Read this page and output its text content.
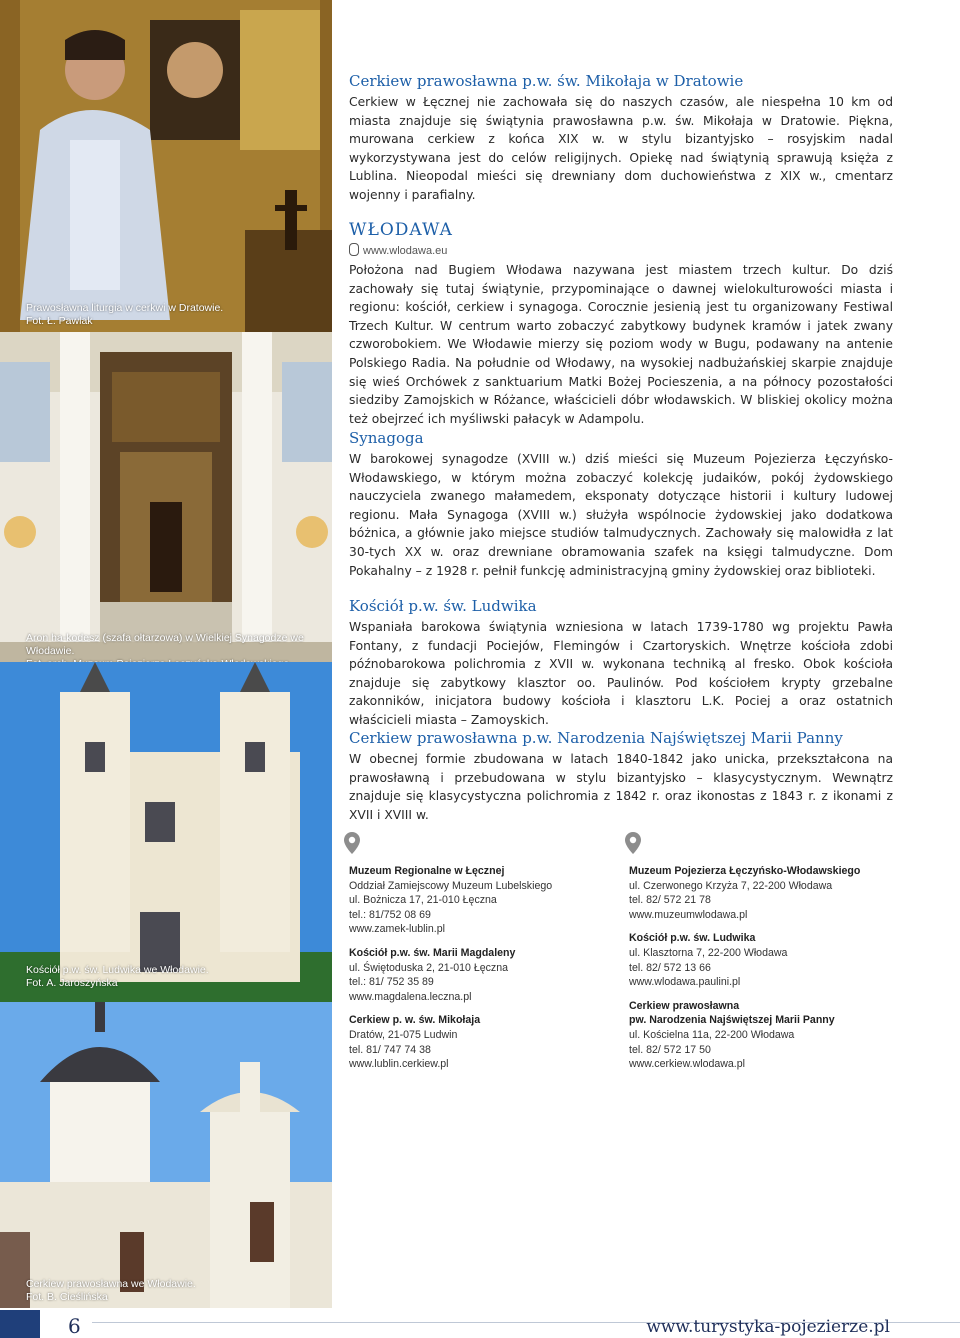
Prawosławna liturgia w cerkwi w Dratowie.
Fot. Ł. Pawlak
Aron ha-kodesz (szafa ołtarzowa) w Wielkiej Synagodze we Włodawie.
Kościół p.w. św. Ludwika we Włodawie.
Fot. A. Jaroszyńska
Cerkiew prawosławna we Włodawie.
Fot. B. Cieślińska
Cerkiew prawosławna p.w. św. Mikołaja w Dratowie
Cerkiew w Łęcznej nie zachowała się do naszych czasów, ale niespełna 10 km od miasta znajduje się świątynia prawosławna p.w. św. Mikołaja w Dratowie. Piękna, murowana cerkiew z końca XIX w. w stylu bizantyjsko – rosyjskim nadal wykorzystywana jest do celów religijnych. Opiekę nad świątynią sprawują księża z Lublina. Nieopodal mieści się drewniany dom duchowieństwa z XIX w., cmentarz wojenny i parafialny.
WŁODAWA
www.wlodawa.eu
Położona nad Bugiem Włodawa nazywana jest miastem trzech kultur. Do dziś zachowały się tutaj świątynie, przypominające o dawnej wielokulturowości miasta i regionu: kościół, cerkiew i synagoga. Corocznie jesienią jest tu organizowany Festiwal Trzech Kultur. W centrum warto zobaczyć zabytkowy budynek kramów i jatek zwany czworobokiem. We Włodawie mierzy się poziom wody w Bugu, podawany na antenie Polskiego Radia. Na południe od Włodawy, na wysokiej nadbużańskiej skarpie znajduje się wieś Orchówek z sanktuarium Matki Bożej Pocieszenia, a na północy pozostałości siedziby Zamojskich w Różance, właścicieli dóbr włodawskich. W bliskiej okolicy można też obejrzeć ich myśliwski pałacyk w Adampolu.
Synagoga
W barokowej synagodze (XVIII w.) dziś mieści się Muzeum Pojezierza Łęczyńsko-Włodawskiego, w którym można zobaczyć kolekcję judaików, pokój żydowskiego nauczyciela zwanego małamedem, eksponaty dotyczące historii i kultury ludowej regionu. Mała Synagoga (XVIII w.) służyła wspólnocie żydowskiej jako dodatkowa bóżnica, a głównie jako miejsce studiów talmudycznych. Zachowały się malowidła z lat 30-tych XX w. oraz drewniane obramowania szafek na księgi talmudyczne. Dom Pokahalny – z 1928 r. pełnił funkcję administracyjną gminy żydowskiej oraz biblioteki.
Kościół p.w. św. Ludwika
Wspaniała barokowa świątynia wzniesiona w latach 1739-1780 wg projektu Pawła Fontany, z fundacji Pociejów, Flemingów i Czartoryskich. Wnętrze kościoła zdobi późnobarokowa polichromia z XVII w. wykonana techniką al fresko. Obok kościoła znajduje się zabytkowy klasztor oo. Paulinów. Pod kościołem krypty grzebalne zakonników, inicjatora budowy kościoła i klasztoru L.K. Pociej a oraz ostatnich właścicieli miasta – Zamoyskich.
Cerkiew prawosławna p.w. Narodzenia Najświętszej Marii Panny
W obecnej formie zbudowana w latach 1840-1842 jako unicka, przekształcona na prawosławną i przebudowana w stylu bizantyjsko – klasycystycznym. Wewnątrz znajduje się klasycystyczna polichromia z 1842 r. oraz ikonostas z 1843 r. z ikonami z XVII i XVIII w.
Muzeum Regionalne w Łęcznej
Oddział Zamiejscowy Muzeum Lubelskiego
ul. Bożnicza 17, 21-010 Łęczna
tel.: 81/752 08 69
www.zamek-lublin.pl
Kościół p.w. św. Marii Magdaleny
ul. Świętoduska 2, 21-010 Łęczna
tel.: 81/ 752 35 89
www.magdalena.leczna.pl
Cerkiew p. w. św. Mikołaja
Dratów, 21-075 Ludwin
tel. 81/ 747 74 38
www.lublin.cerkiew.pl
Muzeum Pojezierza Łęczyńsko-Włodawskiego
ul. Czerwonego Krzyża 7, 22-200 Włodawa
tel. 82/ 572 21 78
www.muzeumwlodawa.pl
Kościół p.w. św. Ludwika
ul. Klasztorna 7, 22-200 Włodawa
tel. 82/ 572 13 66
www.wlodawa.paulini.pl
Cerkiew prawosławna
pw. Narodzenia Najświętszej Marii Panny
ul. Kościelna 11a, 22-200 Włodawa
tel. 82/ 572 17 50
www.cerkiew.wlodawa.pl
6	www.turystyka-pojezierze.pl
